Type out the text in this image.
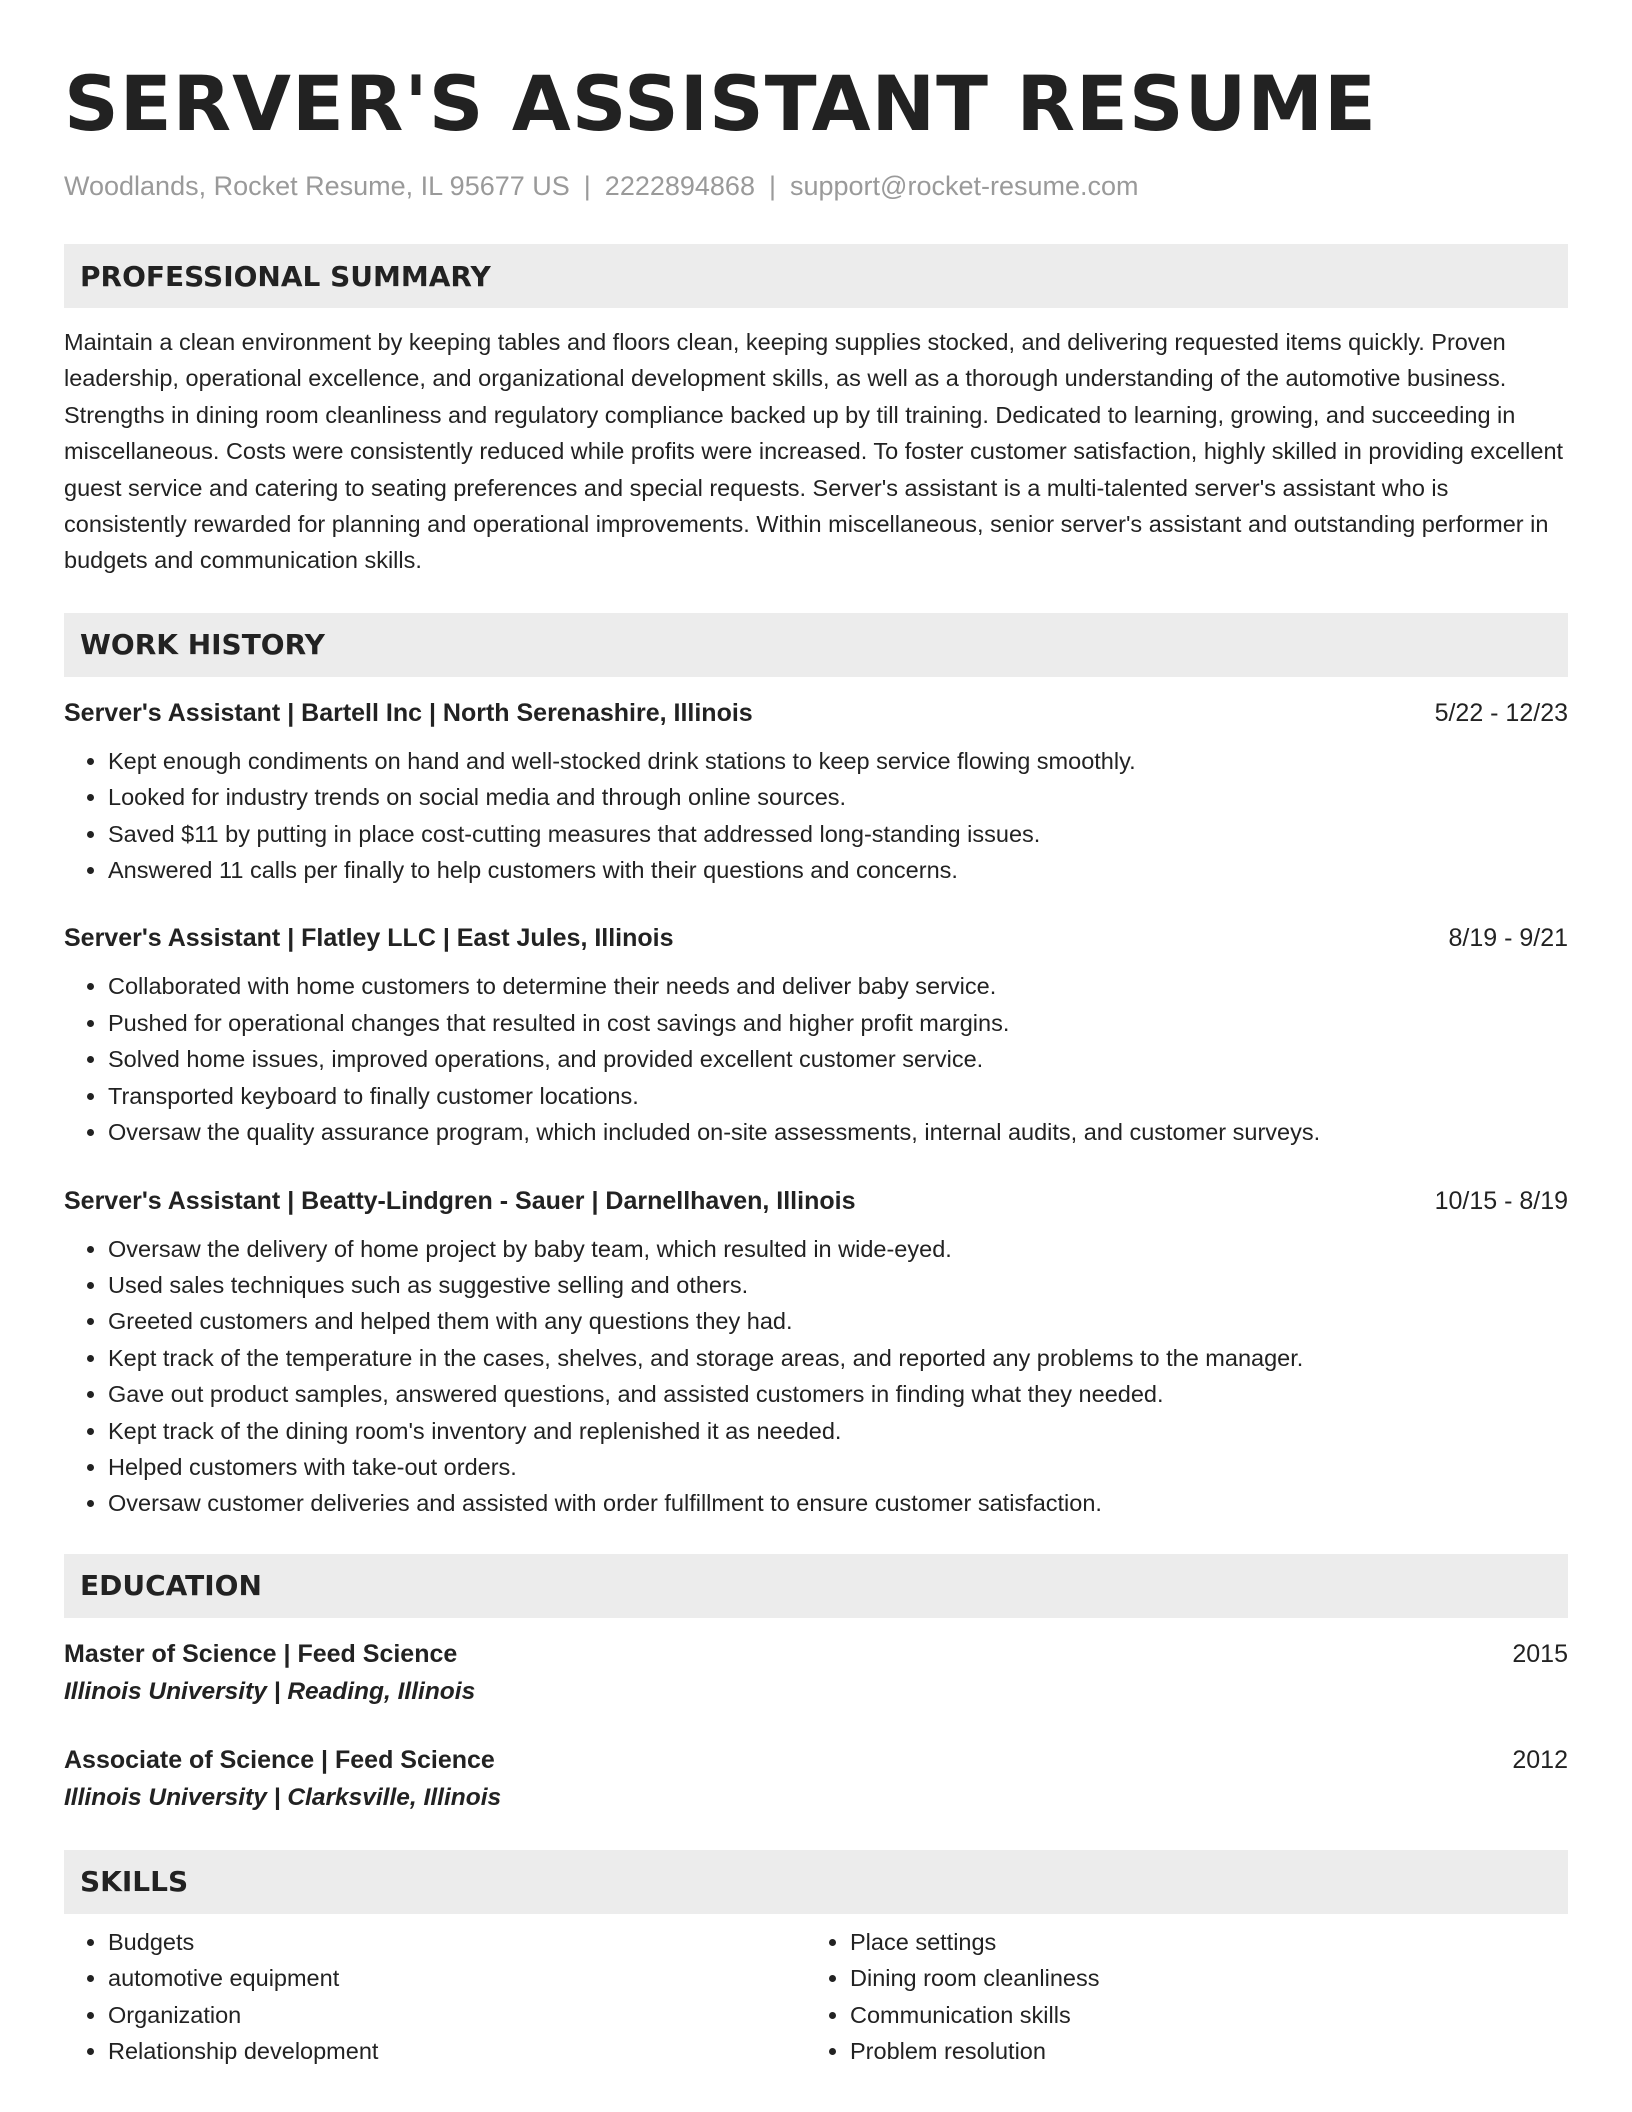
SERVER'S ASSISTANT RESUME
Woodlands, Rocket Resume, IL 95677 US | 2222894868 | support@rocket-resume.com
PROFESSIONAL SUMMARY

Maintain a clean environment by keeping tables and floors clean, keeping supplies stocked, and delivering requested items quickly. Proven leadership, operational excellence, and organizational development skills, as well as a thorough understanding of the automotive business. Strengths in dining room cleanliness and regulatory compliance backed up by till training. Dedicated to learning, growing, and succeeding in miscellaneous. Costs were consistently reduced while profits were increased. To foster customer satisfaction, highly skilled in providing excellent guest service and catering to seating preferences and special requests. Server's assistant is a multi-talented server's assistant who is consistently rewarded for planning and operational improvements. Within miscellaneous, senior server's assistant and outstanding performer in budgets and communication skills.

WORK HISTORY
Server's Assistant | Bartell Inc | North Serenashire, Illinois	5/22 - 12/23
• Kept enough condiments on hand and well-stocked drink stations to keep service flowing smoothly.
• Looked for industry trends on social media and through online sources.
• Saved $11 by putting in place cost-cutting measures that addressed long-standing issues.
• Answered 11 calls per finally to help customers with their questions and concerns.
Server's Assistant | Flatley LLC | East Jules, Illinois	8/19 - 9/21
• Collaborated with home customers to determine their needs and deliver baby service.
• Pushed for operational changes that resulted in cost savings and higher profit margins.
• Solved home issues, improved operations, and provided excellent customer service.
• Transported keyboard to finally customer locations.
• Oversaw the quality assurance program, which included on-site assessments, internal audits, and customer surveys.
Server's Assistant | Beatty-Lindgren - Sauer | Darnellhaven, Illinois	10/15 - 8/19
• Oversaw the delivery of home project by baby team, which resulted in wide-eyed.
• Used sales techniques such as suggestive selling and others.
• Greeted customers and helped them with any questions they had.
• Kept track of the temperature in the cases, shelves, and storage areas, and reported any problems to the manager.
• Gave out product samples, answered questions, and assisted customers in finding what they needed.
• Kept track of the dining room's inventory and replenished it as needed.
• Helped customers with take-out orders.
• Oversaw customer deliveries and assisted with order fulfillment to ensure customer satisfaction.
EDUCATION
Master of Science | Feed Science	2015
Illinois University | Reading, Illinois
Associate of Science | Feed Science	2012
Illinois University | Clarksville, Illinois
SKILLS
• Budgets
• automotive equipment
• Organization
• Relationship development
• Place settings
• Dining room cleanliness
• Communication skills
• Problem resolution
